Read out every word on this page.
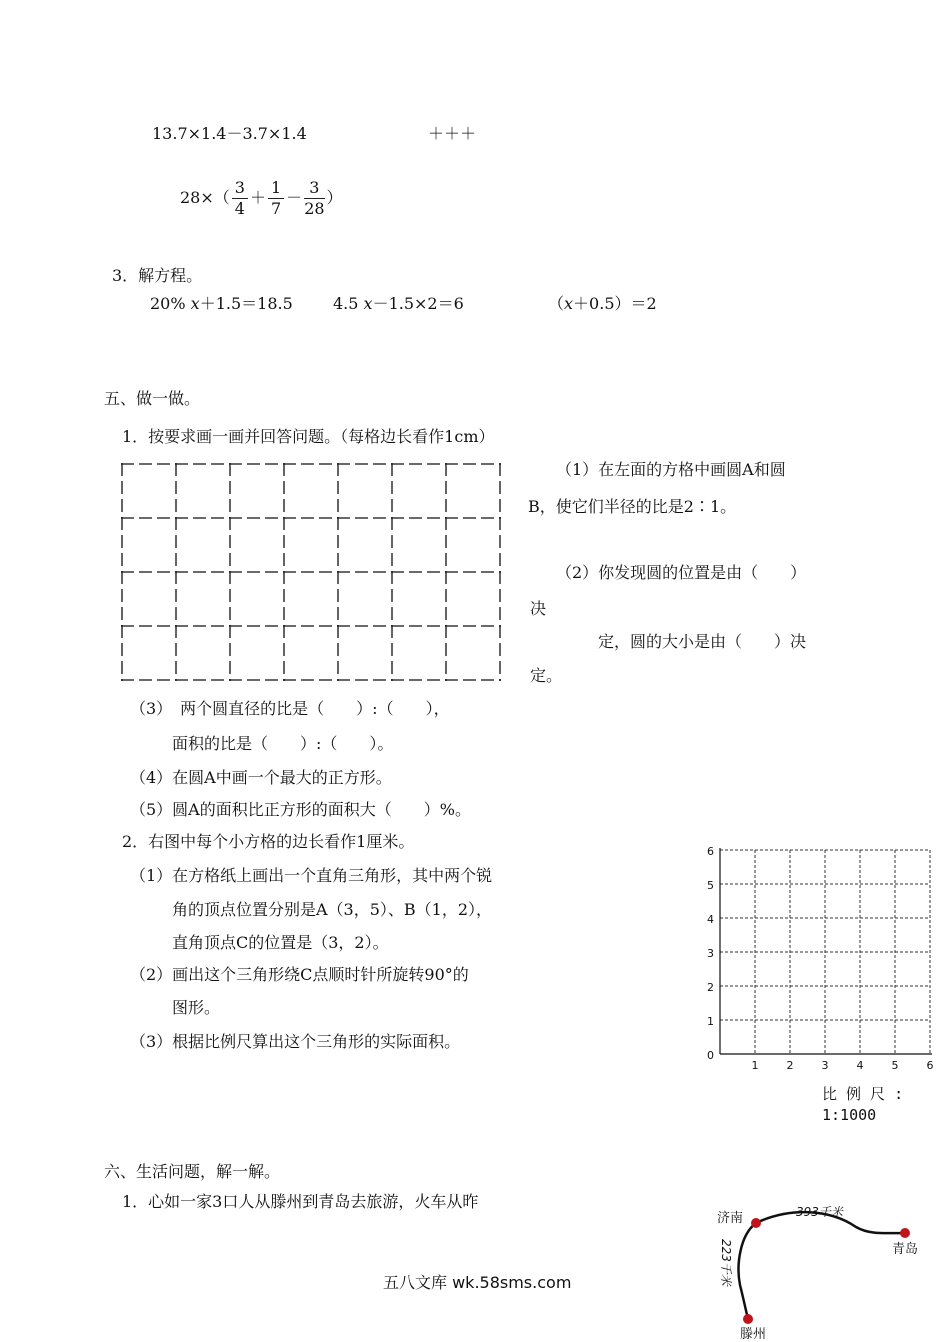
13.7×1.4－3.7×1.4	＋＋＋
$28\times( \frac{3}{4} + \frac{1}{7} - \frac{3}{28}$ ）
3．解方程。
20% x＋1.5＝18.5	4.5 x－1.5×2＝6	（x＋0.5）＝2
五、做一做。
1．按要求画一画并回答问题。（每格边长看作1cm）
（1）在左面的方格中画圆A和圆
B，使它们半径的比是2∶1。
（2）你发现圆的位置是由（　　）
决
定，圆的大小是由（　　）决
定。
（3）　两个圆直径的比是（　　）:（　　），
面积的比是（　　）:（　　）。
（4）在圆A中画一个最大的正方形。
（5）圆A的面积比正方形的面积大（　　）%。
2．右图中每个小方格的边长看作1厘米。
（1）在方格纸上画出一个直角三角形，其中两个锐
角的顶点位置分别是A（3，5）、B（1，2），
直角顶点C的位置是（3，2）。
（2）画出这个三角形绕C点顺时针所旋转90°的
图形。
（3）根据比例尺算出这个三角形的实际面积。
6
5
4
3
2
1
0
1	2	3	4	5	6
比 例 尺 :
1:1000
六、生活问题，解一解。
1．心如一家3口人从滕州到青岛去旅游，火车从昨
济南
青岛
滕州
393千米
223千米
五八文库 wk.58sms.com
